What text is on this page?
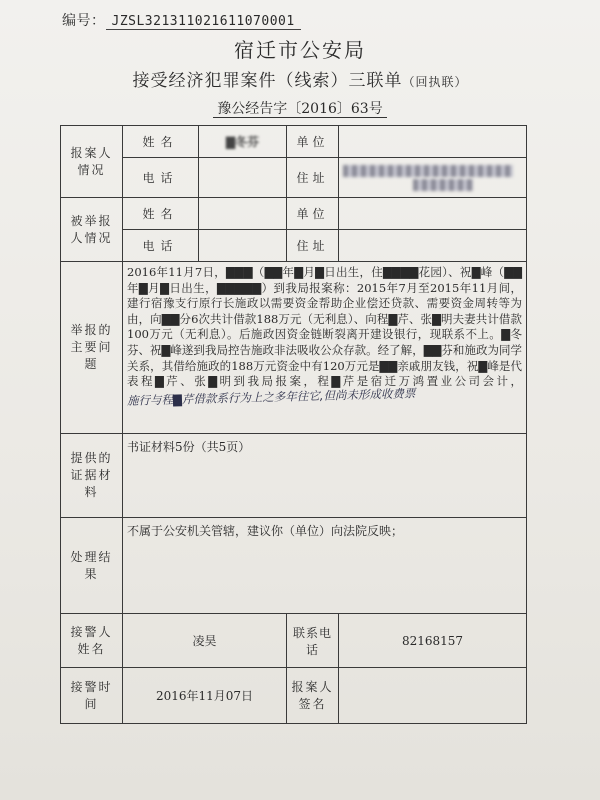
编号： JZSL321311021611070001
宿迁市公安局
接受经济犯罪案件（线索）三联单（回执联）
豫公经告字〔2016〕63号
报案人情况	姓名	▇冬芬	单位	
	电话		住址	

被举报人情况	姓名		单位	
	电话		住址	
举报的主要问题	2016年11月7日，▇▇▇（▇▇年▇月▇日出生，住▇▇▇▇花园）、祝▇峰（▇▇年▇月▇日出生，▇▇▇▇▇）到我局报案称：2015年7月至2015年11月间，建行宿豫支行原行长施政以需要资金帮助企业偿还贷款、需要资金周转等为由，向▇▇分6次共计借款188万元（无利息）、向程▇芹、张▇明夫妻共计借款100万元（无利息）。后施政因资金链断裂离开建设银行，现联系不上。▇冬芬、祝▇峰遂到我局控告施政非法吸收公众存款。经了解，▇▇芬和施政为同学关系，其借给施政的188万元资金中有120万元是▇▇亲戚朋友钱，祝▇峰是代表程▇芹、张▇明到我局报案，程▇芹是宿迁万鸿置业公司会计，施行与程▇芹借款系行为上之多年往它,但尚未形成收费票			
提供的证据材料	书证材料5份（共5页）			
处理结果	不属于公安机关管辖，建议你（单位）向法院反映；			
接警人姓名	凌昊		联系电话	82168157
接警时间	2016年11月07日		报案人签名	
